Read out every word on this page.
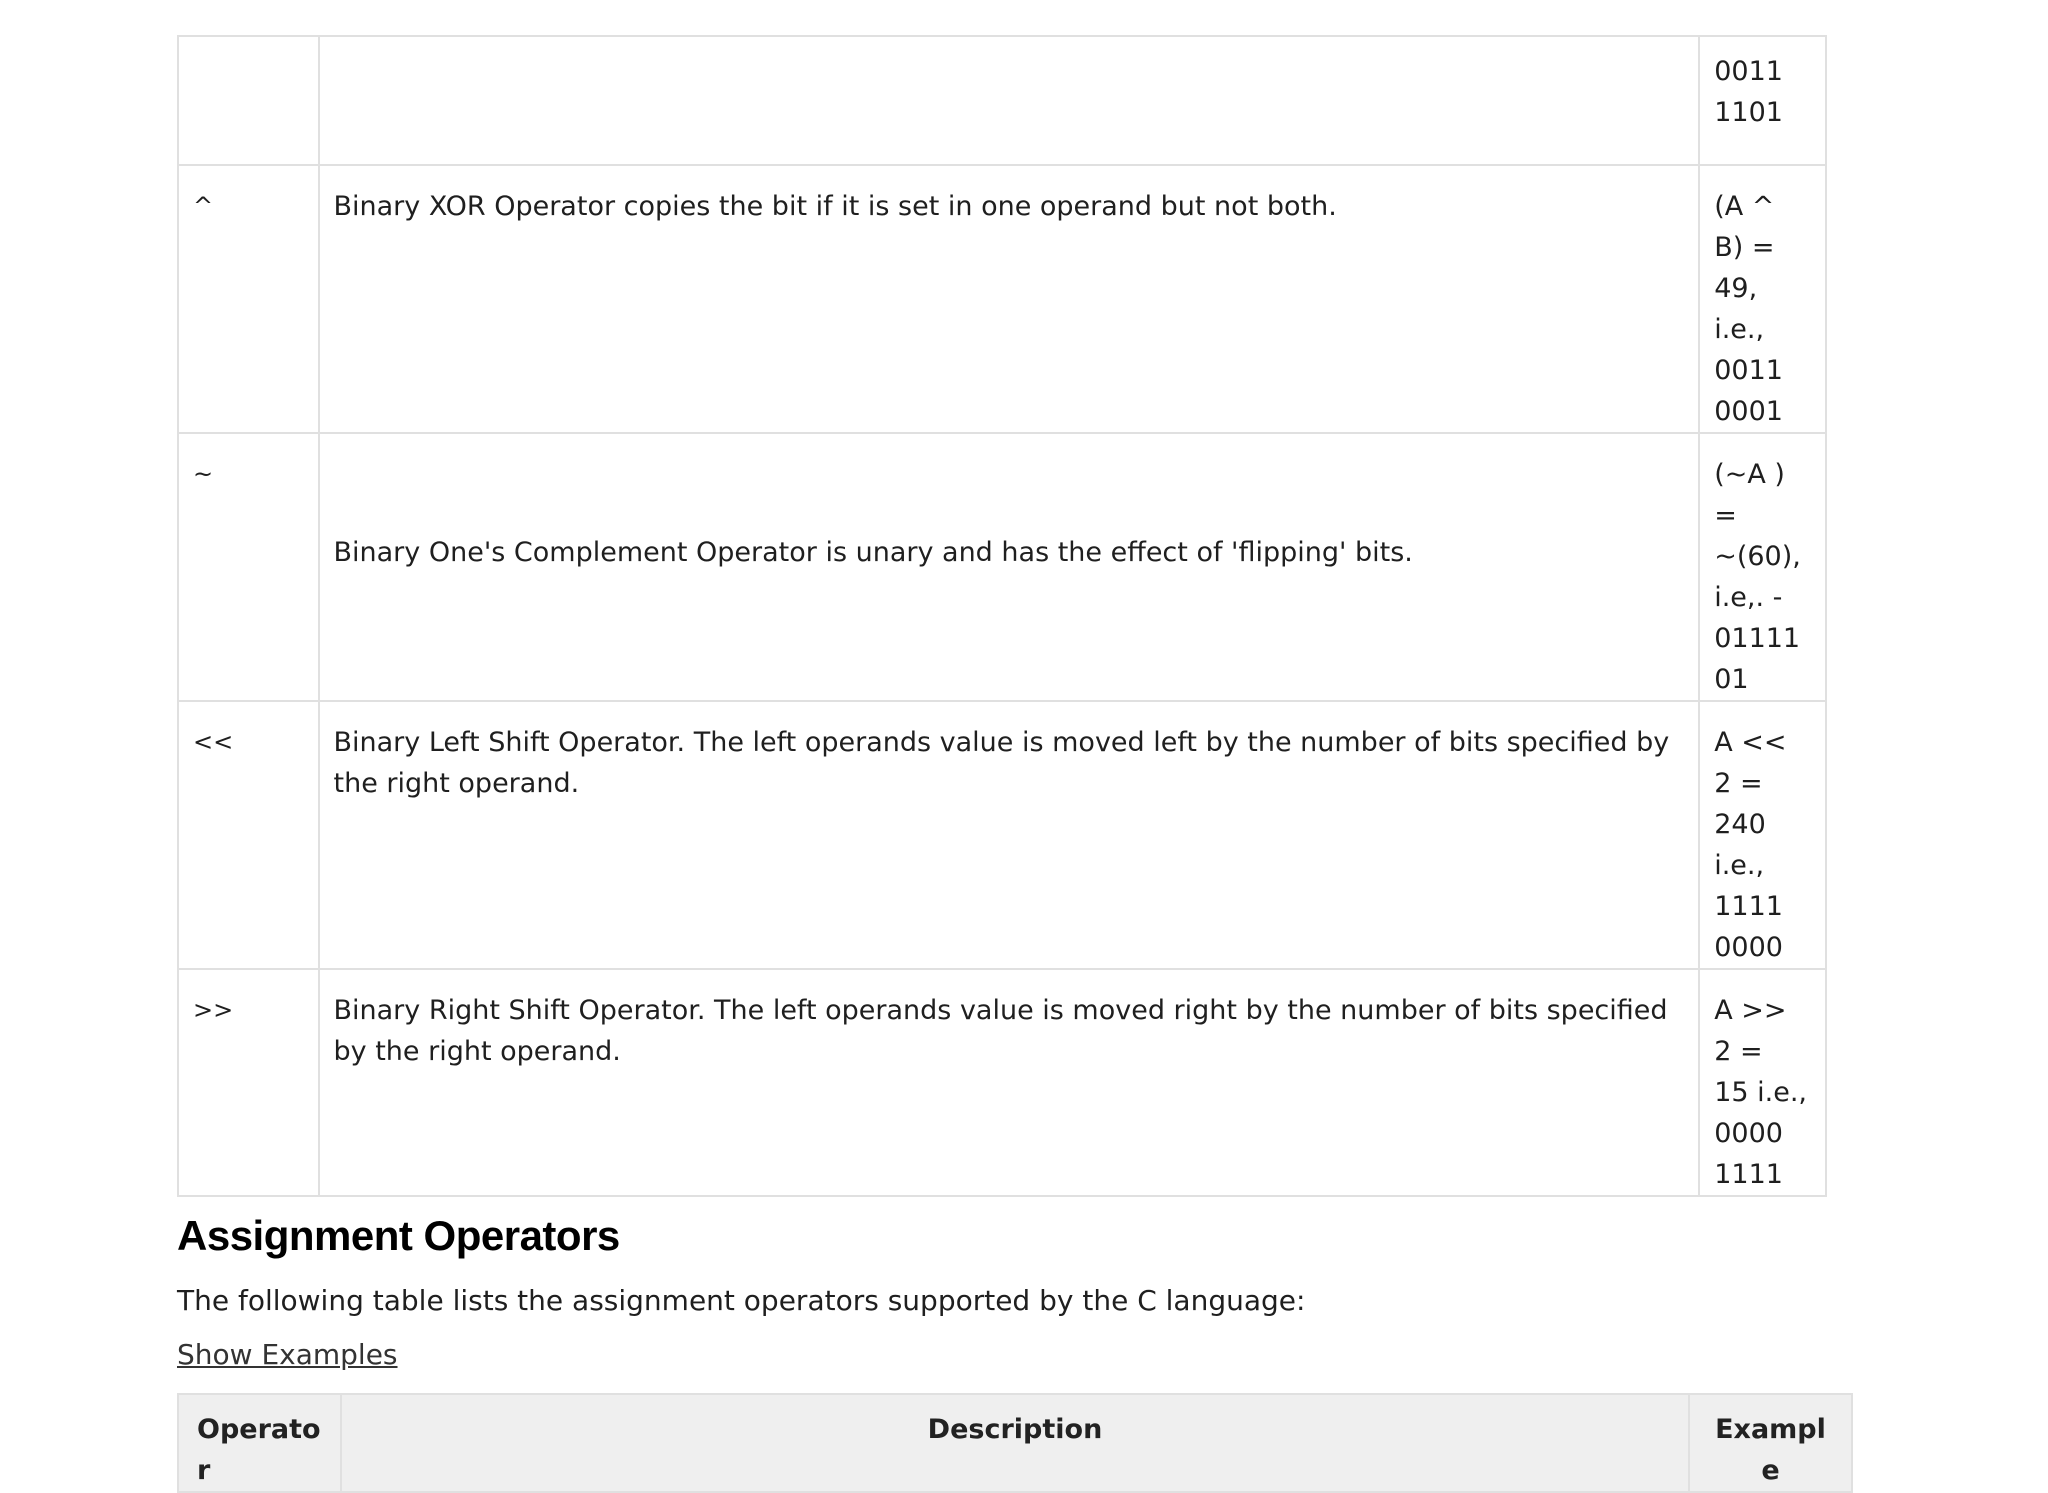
		0011
1101

^	Binary XOR Operator copies the bit if it is set in one operand but not both.	(A ^ B) =
49, i.e.,
0011
0001

~	Binary One's Complement Operator is unary and has the effect of 'flipping' bits.	(~A ) =
~(60),
i.e,. -
0111101

<<	Binary Left Shift Operator. The left operands value is moved left by the number of bits specified by the right operand.	A << 2 =
240 i.e.,
1111
0000

>>	Binary Right Shift Operator. The left operands value is moved right by the number of bits specified by the right operand.	A >> 2 =
15 i.e.,
0000
1111
Assignment Operators

The following table lists the assignment operators supported by the C language:

Show Examples
Operator	Description	Example
